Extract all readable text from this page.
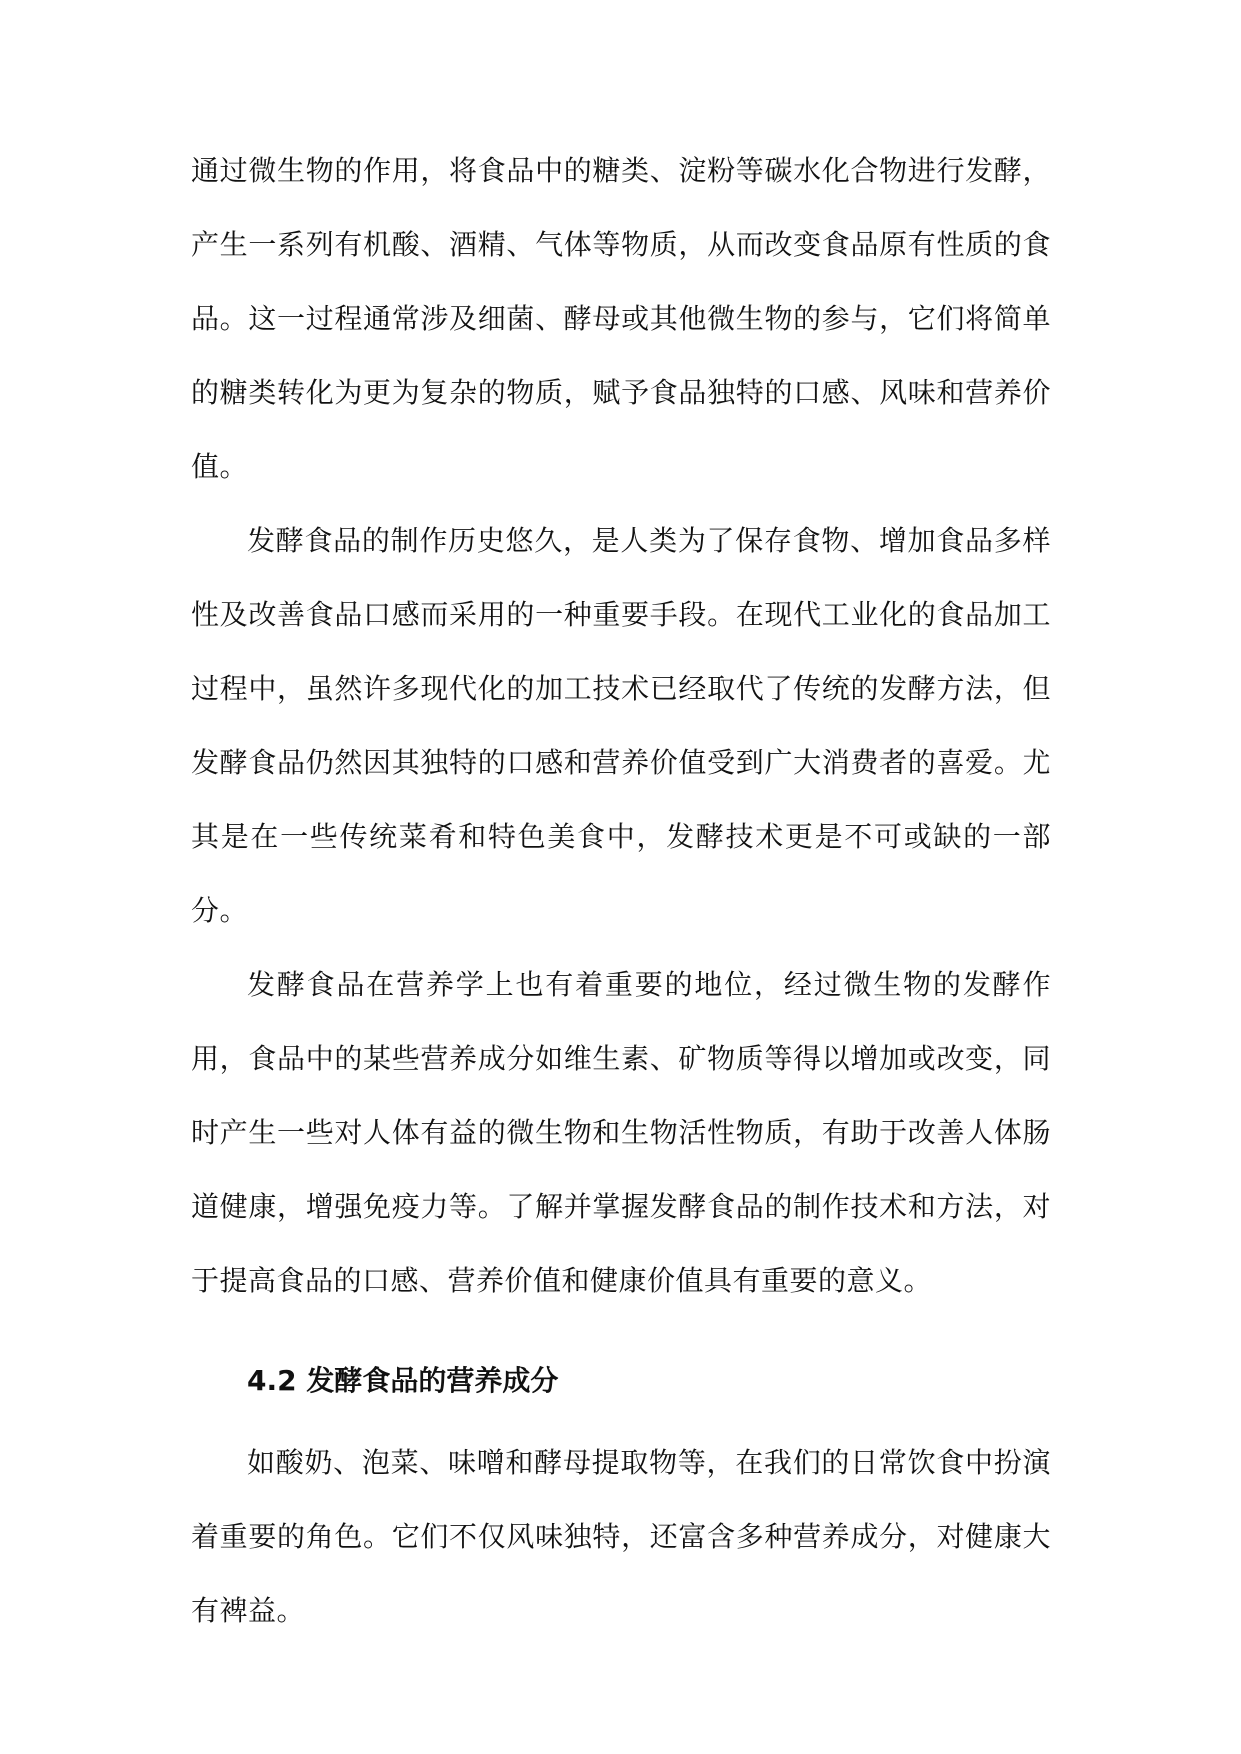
通过微生物的作用，将食品中的糖类、淀粉等碳水化合物进行发酵，产生一系列有机酸、酒精、气体等物质，从而改变食品原有性质的食品。这一过程通常涉及细菌、酵母或其他微生物的参与，它们将简单的糖类转化为更为复杂的物质，赋予食品独特的口感、风味和营养价值。

发酵食品的制作历史悠久，是人类为了保存食物、增加食品多样性及改善食品口感而采用的一种重要手段。在现代工业化的食品加工过程中，虽然许多现代化的加工技术已经取代了传统的发酵方法，但发酵食品仍然因其独特的口感和营养价值受到广大消费者的喜爱。尤其是在一些传统菜肴和特色美食中，发酵技术更是不可或缺的一部分。

发酵食品在营养学上也有着重要的地位，经过微生物的发酵作用，食品中的某些营养成分如维生素、矿物质等得以增加或改变，同时产生一些对人体有益的微生物和生物活性物质，有助于改善人体肠道健康，增强免疫力等。了解并掌握发酵食品的制作技术和方法，对于提高食品的口感、营养价值和健康价值具有重要的意义。

4.2 发酵食品的营养成分

如酸奶、泡菜、味噌和酵母提取物等，在我们的日常饮食中扮演着重要的角色。它们不仅风味独特，还富含多种营养成分，对健康大有裨益。
